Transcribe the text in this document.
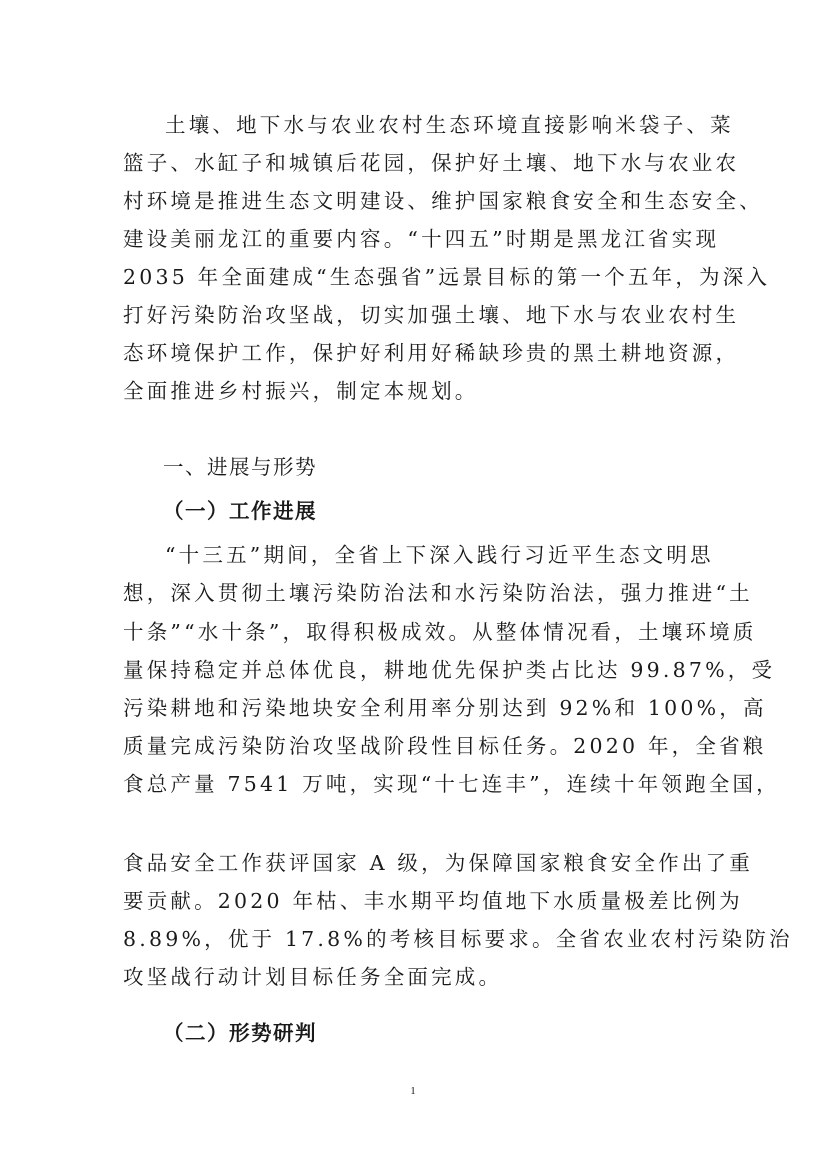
土壤、地下水与农业农村生态环境直接影响米袋子、菜
篮子、水缸子和城镇后花园，保护好土壤、地下水与农业农
村环境是推进生态文明建设、维护国家粮食安全和生态安全、
建设美丽龙江的重要内容。“十四五”时期是黑龙江省实现
2035 年全面建成“生态强省”远景目标的第一个五年，为深入
打好污染防治攻坚战，切实加强土壤、地下水与农业农村生
态环境保护工作，保护好利用好稀缺珍贵的黑土耕地资源，
全面推进乡村振兴，制定本规划。
一、进展与形势
（一）工作进展
“十三五”期间，全省上下深入践行习近平生态文明思
想，深入贯彻土壤污染防治法和水污染防治法，强力推进“土
十条”“水十条”，取得积极成效。从整体情况看，土壤环境质
量保持稳定并总体优良，耕地优先保护类占比达 99.87%，受
污染耕地和污染地块安全利用率分别达到 92%和 100%，高
质量完成污染防治攻坚战阶段性目标任务。2020 年，全省粮
食总产量 7541 万吨，实现“十七连丰”，连续十年领跑全国，
食品安全工作获评国家 A 级，为保障国家粮食安全作出了重
要贡献。2020 年枯、丰水期平均值地下水质量极差比例为
8.89%，优于 17.8%的考核目标要求。全省农业农村污染防治
攻坚战行动计划目标任务全面完成。
（二）形势研判
1
